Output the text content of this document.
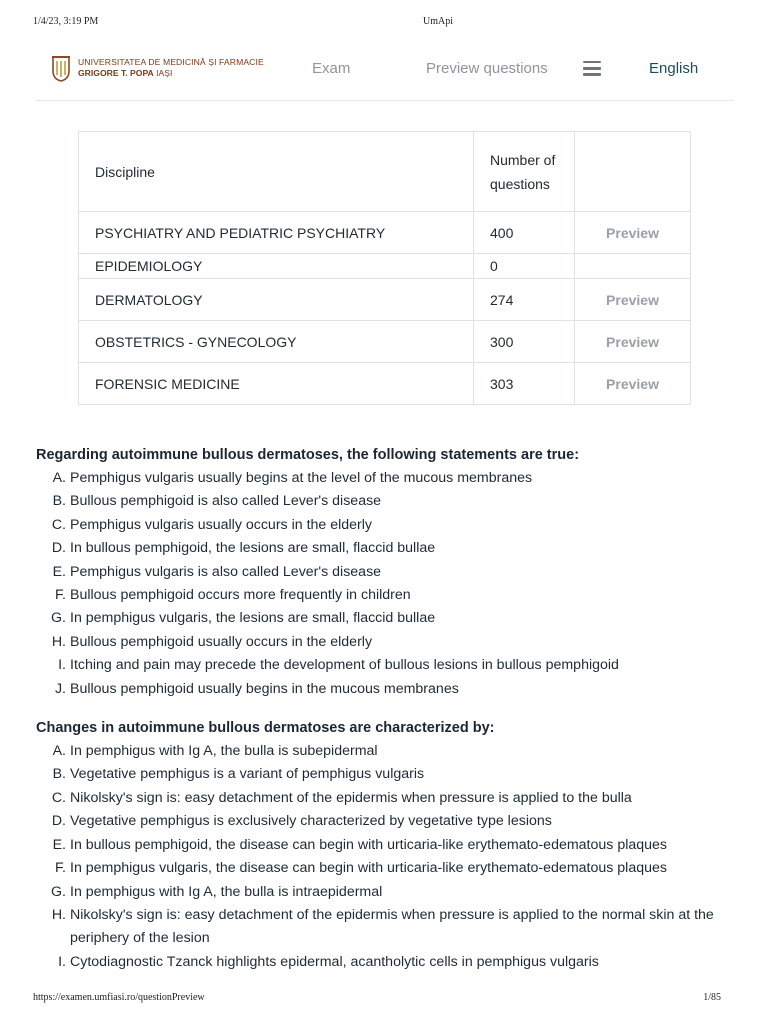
1/4/23, 3:19 PM	UmApi
UNIVERSITATEA DE MEDICINĂ ȘI FARMACIE
GRIGORE T. POPA IAȘI	Exam	Preview questions	English
Discipline	Number of questions	
PSYCHIATRY AND PEDIATRIC PSYCHIATRY	400	Preview
EPIDEMIOLOGY	0	
DERMATOLOGY	274	Preview
OBSTETRICS - GYNECOLOGY	300	Preview
FORENSIC MEDICINE	303	Preview
Regarding autoimmune bullous dermatoses, the following statements are true:
A. Pemphigus vulgaris usually begins at the level of the mucous membranes
B. Bullous pemphigoid is also called Lever's disease
C. Pemphigus vulgaris usually occurs in the elderly
D. In bullous pemphigoid, the lesions are small, flaccid bullae
E. Pemphigus vulgaris is also called Lever's disease
F. Bullous pemphigoid occurs more frequently in children
G. In pemphigus vulgaris, the lesions are small, flaccid bullae
H. Bullous pemphigoid usually occurs in the elderly
I. Itching and pain may precede the development of bullous lesions in bullous pemphigoid
J. Bullous pemphigoid usually begins in the mucous membranes
Changes in autoimmune bullous dermatoses are characterized by:
A. In pemphigus with Ig A, the bulla is subepidermal
B. Vegetative pemphigus is a variant of pemphigus vulgaris
C. Nikolsky's sign is: easy detachment of the epidermis when pressure is applied to the bulla
D. Vegetative pemphigus is exclusively characterized by vegetative type lesions
E. In bullous pemphigoid, the disease can begin with urticaria-like erythemato-edematous plaques
F. In pemphigus vulgaris, the disease can begin with urticaria-like erythemato-edematous plaques
G. In pemphigus with Ig A, the bulla is intraepidermal
H. Nikolsky's sign is: easy detachment of the epidermis when pressure is applied to the normal skin at the periphery of the lesion
I. Cytodiagnostic Tzanck highlights epidermal, acantholytic cells in pemphigus vulgaris
https://examen.umfiasi.ro/questionPreview	1/85
